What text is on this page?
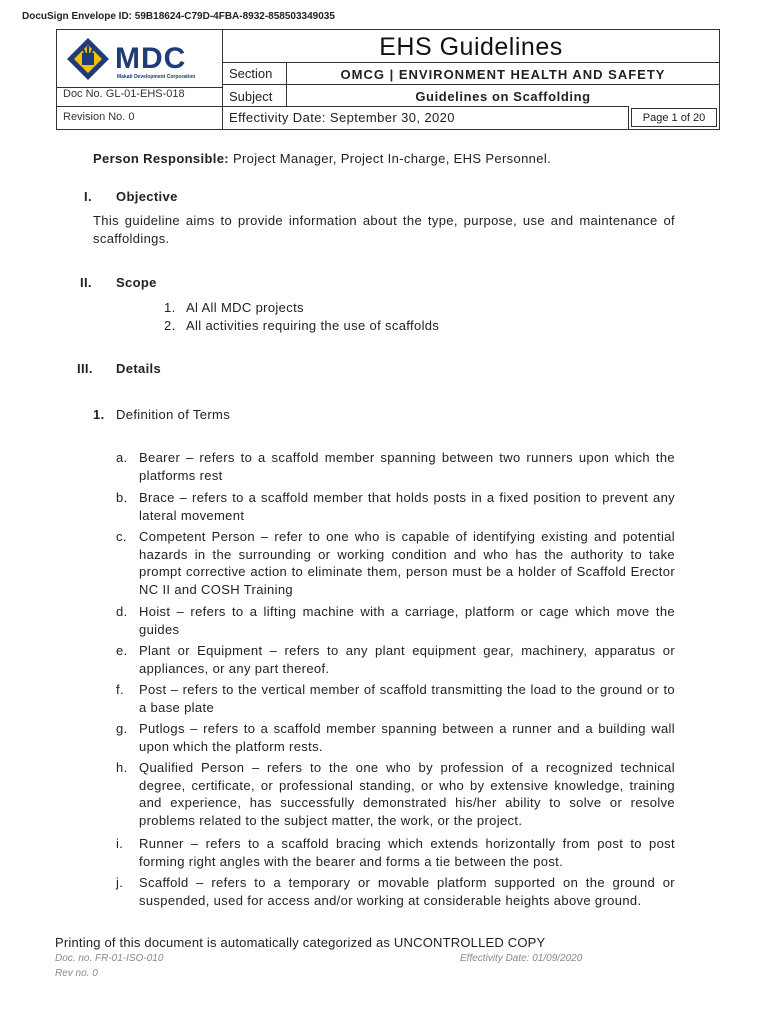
DocuSign Envelope ID: 59B18624-C79D-4FBA-8932-858503349035
MDC
Makati Development Corporation
Doc No. GL-01-EHS-018
Revision No. 0
EHS Guidelines
Section	OMCG | ENVIRONMENT HEALTH AND SAFETY
Subject	Guidelines on Scaffolding
Effectivity Date: September 30, 2020	Page 1 of 20
Person Responsible: Project Manager, Project In-charge, EHS Personnel.
I. Objective
This guideline aims to provide information about the type, purpose, use and maintenance of scaffoldings.
II. Scope
1. Al All MDC projects
2. All activities requiring the use of scaffolds
III. Details
1. Definition of Terms
a. Bearer – refers to a scaffold member spanning between two runners upon which the platforms rest
b. Brace – refers to a scaffold member that holds posts in a fixed position to prevent any lateral movement
c. Competent Person – refer to one who is capable of identifying existing and potential hazards in the surrounding or working condition and who has the authority to take prompt corrective action to eliminate them, person must be a holder of Scaffold Erector NC II and COSH Training
d. Hoist – refers to a lifting machine with a carriage, platform or cage which move the guides
e. Plant or Equipment – refers to any plant equipment gear, machinery, apparatus or appliances, or any part thereof.
f. Post – refers to the vertical member of scaffold transmitting the load to the ground or to a base plate
g. Putlogs – refers to a scaffold member spanning between a runner and a building wall upon which the platform rests.
h. Qualified Person – refers to the one who by profession of a recognized technical degree, certificate, or professional standing, or who by extensive knowledge, training and experience, has successfully demonstrated his/her ability to solve or resolve problems related to the subject matter, the work, or the project.
i. Runner – refers to a scaffold bracing which extends horizontally from post to post forming right angles with the bearer and forms a tie between the post.
j. Scaffold – refers to a temporary or movable platform supported on the ground or suspended, used for access and/or working at considerable heights above ground.
Printing of this document is automatically categorized as UNCONTROLLED COPY
Doc. no. FR-01-ISO-010	Effectivity Date: 01/09/2020
Rev no. 0
